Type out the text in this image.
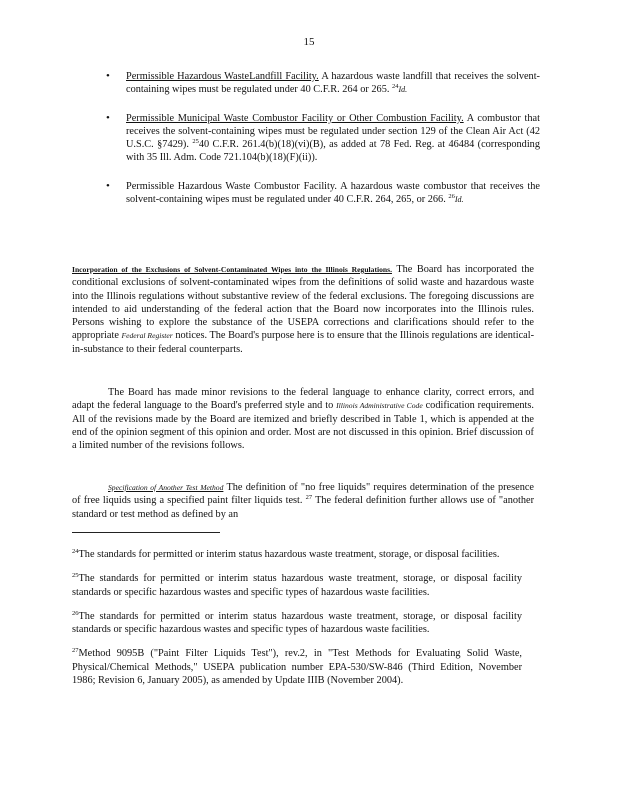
15
• Permissible Hazardous WasteLandfill Facility. A hazardous waste landfill that receives the solvent-containing wipes must be regulated under 40 C.F.R. 264 or 265. $^{24}$Id.
• Permissible Municipal Waste Combustor Facility or Other Combustion Facility. A combustor that receives the solvent-containing wipes must be regulated under section 129 of the Clean Air Act (42 U.S.C. §7429). $^{25}$40 C.F.R. 261.4(b)(18)(vi)(B), as added at 78 Fed. Reg. at 46484 (corresponding with 35 Ill. Adm. Code 721.104(b)(18)(F)(ii)).
• Permissible Hazardous Waste Combustor Facility. A hazardous waste combustor that receives the solvent-containing wipes must be regulated under 40 C.F.R. 264, 265, or 266. $^{26}$Id.

Incorporation of the Exclusions of Solvent-Contaminated Wipes into the Illinois Regulations. The Board has incorporated the conditional exclusions of solvent-contaminated wipes from the definitions of solid waste and hazardous waste into the Illinois regulations without substantive review of the federal exclusions. The foregoing discussions are intended to aid understanding of the federal action that the Board now incorporates into the Illinois rules. Persons wishing to explore the substance of the USEPA corrections and clarifications should refer to the appropriate Federal Register notices. The Board's purpose here is to ensure that the Illinois regulations are identical-in-substance to their federal counterparts.

The Board has made minor revisions to the federal language to enhance clarity, correct errors, and adapt the federal language to the Board's preferred style and to Illinois Administrative Code codification requirements. All of the revisions made by the Board are itemized and briefly described in Table 1, which is appended at the end of the opinion segment of this opinion and order. Most are not discussed in this opinion. Brief discussion of a limited number of the revisions follows.

Specification of Another Test Method The definition of "no free liquids" requires determination of the presence of free liquids using a specified paint filter liquids test. $^{27}$ The federal definition further allows use of "another standard or test method as defined by an

$^{24}$The standards for permitted or interim status hazardous waste treatment, storage, or disposal facilities.

$^{25}$The standards for permitted or interim status hazardous waste treatment, storage, or disposal facility standards or specific hazardous wastes and specific types of hazardous waste facilities.

$^{26}$The standards for permitted or interim status hazardous waste treatment, storage, or disposal facility standards or specific hazardous wastes and specific types of hazardous waste facilities.

$^{27}$Method 9095B ("Paint Filter Liquids Test"), rev.2, in "Test Methods for Evaluating Solid Waste, Physical/Chemical Methods," USEPA publication number EPA-530/SW-846 (Third Edition, November 1986; Revision 6, January 2005), as amended by Update IIIB (November 2004).
